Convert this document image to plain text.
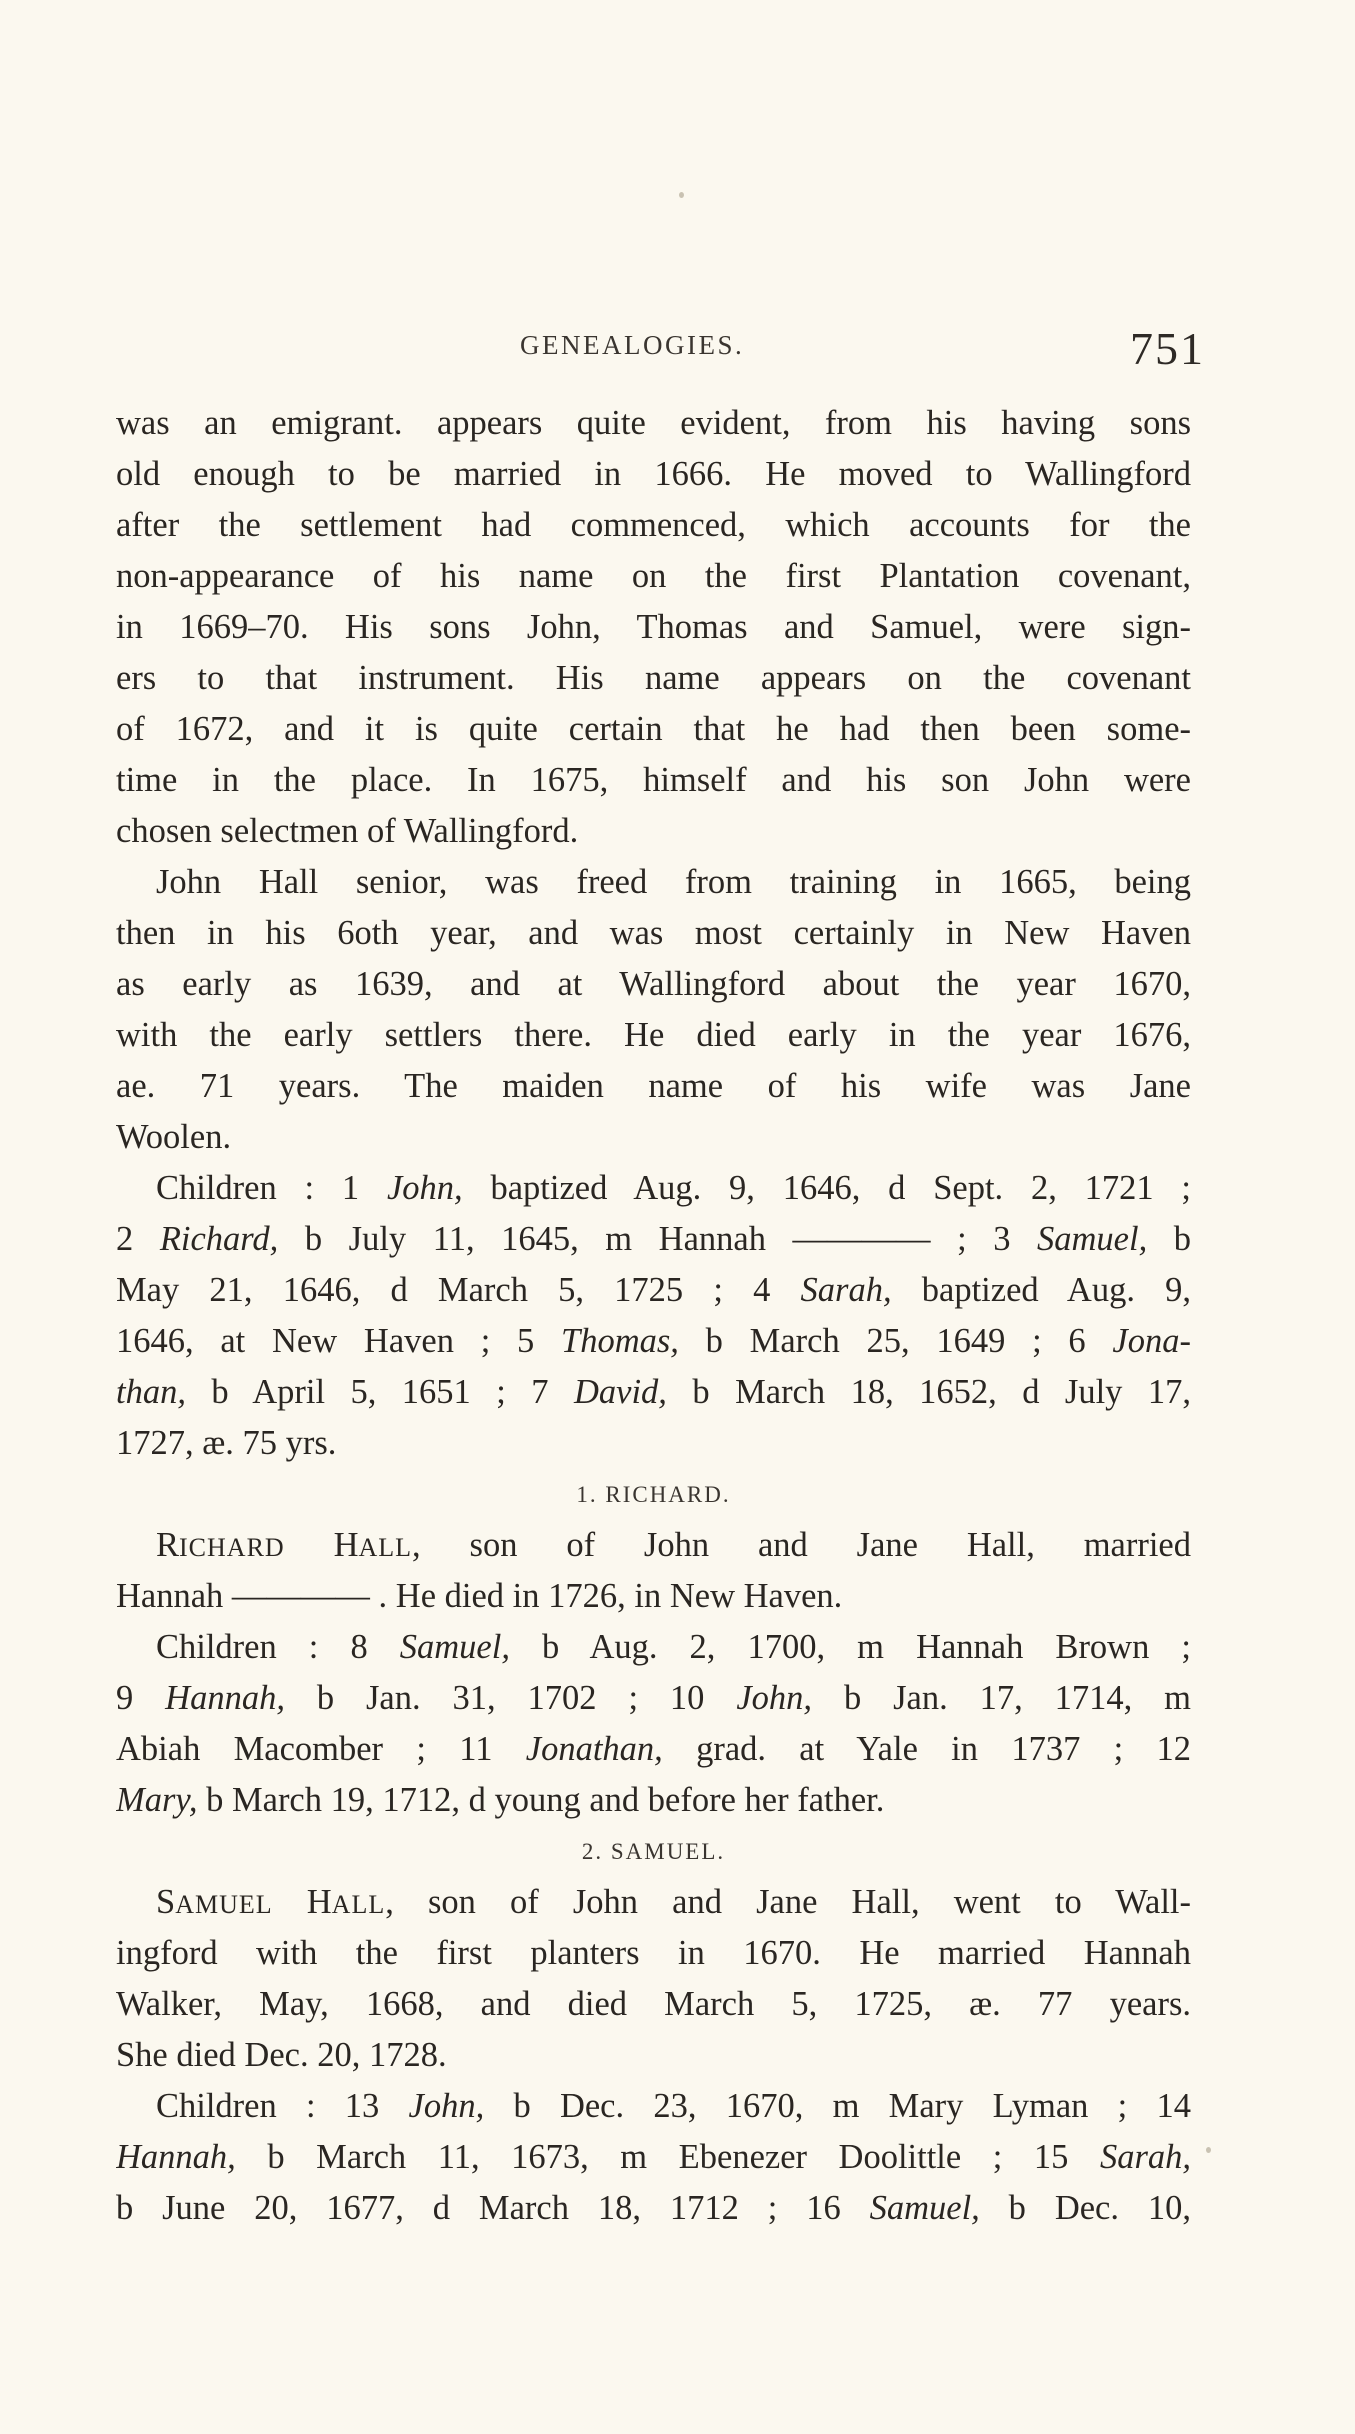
GENEALOGIES.	751
was an emigrant. appears quite evident, from his having sons
old enough to be married in 1666. He moved to Wallingford
after the settlement had commenced, which accounts for the
non-appearance of his name on the first Plantation covenant,
in 1669–70. His sons John, Thomas and Samuel, were sign-
ers to that instrument. His name appears on the covenant
of 1672, and it is quite certain that he had then been some-
time in the place. In 1675, himself and his son John were
chosen selectmen of Wallingford.
John Hall senior, was freed from training in 1665, being
then in his 6oth year, and was most certainly in New Haven
as early as 1639, and at Wallingford about the year 1670,
with the early settlers there. He died early in the year 1676,
ae. 71 years. The maiden name of his wife was Jane
Woolen.
Children : 1 John, baptized Aug. 9, 1646, d Sept. 2, 1721 ;
2 Richard, b July 11, 1645, m Hannah ———— ; 3 Samuel, b
May 21, 1646, d March 5, 1725 ; 4 Sarah, baptized Aug. 9,
1646, at New Haven ; 5 Thomas, b March 25, 1649 ; 6 Jona-
than, b April 5, 1651 ; 7 David, b March 18, 1652, d July 17,
1727, æ. 75 yrs.
1. RICHARD.
RICHARD HALL, son of John and Jane Hall, married
Hannah ———— . He died in 1726, in New Haven.
Children : 8 Samuel, b Aug. 2, 1700, m Hannah Brown ;
9 Hannah, b Jan. 31, 1702 ; 10 John, b Jan. 17, 1714, m
Abiah Macomber ; 11 Jonathan, grad. at Yale in 1737 ; 12
Mary, b March 19, 1712, d young and before her father.
2. SAMUEL.
SAMUEL HALL, son of John and Jane Hall, went to Wall-
ingford with the first planters in 1670. He married Hannah
Walker, May, 1668, and died March 5, 1725, æ. 77 years.
She died Dec. 20, 1728.
Children : 13 John, b Dec. 23, 1670, m Mary Lyman ; 14
Hannah, b March 11, 1673, m Ebenezer Doolittle ; 15 Sarah,
b June 20, 1677, d March 18, 1712 ; 16 Samuel, b Dec. 10,
